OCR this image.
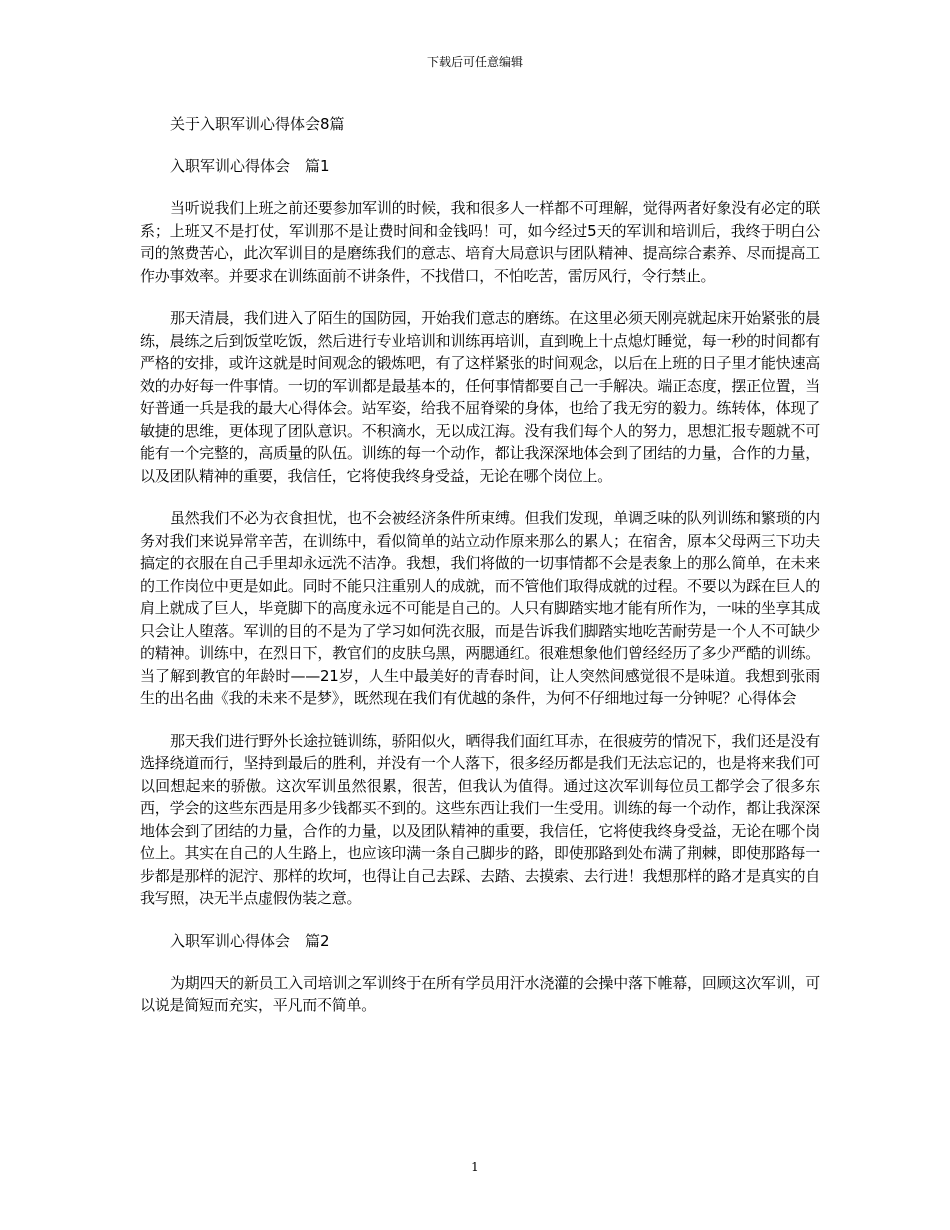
下载后可任意编辑
关于入职军训心得体会8篇
入职军训心得体会　篇1

当听说我们上班之前还要参加军训的时候，我和很多人一样都不可理解，觉得两者好象没有必定的联系；上班又不是打仗，军训那不是让费时间和金钱吗！可，如今经过5天的军训和培训后，我终于明白公司的煞费苦心，此次军训目的是磨练我们的意志、培育大局意识与团队精神、提高综合素养、尽而提高工作办事效率。并要求在训练面前不讲条件，不找借口，不怕吃苦，雷厉风行，令行禁止。

那天清晨，我们进入了陌生的国防园，开始我们意志的磨练。在这里必须天刚亮就起床开始紧张的晨练，晨练之后到饭堂吃饭，然后进行专业培训和训练再培训，直到晚上十点熄灯睡觉，每一秒的时间都有严格的安排，或许这就是时间观念的锻炼吧，有了这样紧张的时间观念，以后在上班的日子里才能快速高效的办好每一件事情。一切的军训都是最基本的，任何事情都要自己一手解决。端正态度，摆正位置，当好普通一兵是我的最大心得体会。站军姿，给我不屈脊梁的身体，也给了我无穷的毅力。练转体，体现了敏捷的思维，更体现了团队意识。不积滴水，无以成江海。没有我们每个人的努力，思想汇报专题就不可能有一个完整的，高质量的队伍。训练的每一个动作，都让我深深地体会到了团结的力量，合作的力量，以及团队精神的重要，我信任，它将使我终身受益，无论在哪个岗位上。

虽然我们不必为衣食担忧，也不会被经济条件所束缚。但我们发现，单调乏味的队列训练和繁琐的内务对我们来说异常辛苦，在训练中，看似简单的站立动作原来那么的累人；在宿舍，原本父母两三下功夫搞定的衣服在自己手里却永远洗不洁净。我想，我们将做的一切事情都不会是表象上的那么简单，在未来的工作岗位中更是如此。同时不能只注重别人的成就，而不管他们取得成就的过程。不要以为踩在巨人的肩上就成了巨人，毕竟脚下的高度永远不可能是自己的。人只有脚踏实地才能有所作为，一味的坐享其成只会让人堕落。军训的目的不是为了学习如何洗衣服，而是告诉我们脚踏实地吃苦耐劳是一个人不可缺少的精神。训练中，在烈日下，教官们的皮肤乌黑，两腮通红。很难想象他们曾经经历了多少严酷的训练。当了解到教官的年龄时——21岁，人生中最美好的青春时间，让人突然间感觉很不是味道。我想到张雨生的出名曲《我的未来不是梦》，既然现在我们有优越的条件，为何不仔细地过每一分钟呢？心得体会

那天我们进行野外长途拉链训练，骄阳似火，晒得我们面红耳赤，在很疲劳的情况下，我们还是没有选择绕道而行，坚持到最后的胜利，并没有一个人落下，很多经历都是我们无法忘记的，也是将来我们可以回想起来的骄傲。这次军训虽然很累，很苦，但我认为值得。通过这次军训每位员工都学会了很多东西，学会的这些东西是用多少钱都买不到的。这些东西让我们一生受用。训练的每一个动作，都让我深深地体会到了团结的力量，合作的力量，以及团队精神的重要，我信任，它将使我终身受益，无论在哪个岗位上。其实在自己的人生路上，也应该印满一条自己脚步的路，即使那路到处布满了荆棘，即使那路每一步都是那样的泥泞、那样的坎坷，也得让自己去踩、去踏、去摸索、去行进！我想那样的路才是真实的自我写照，决无半点虚假伪装之意。

入职军训心得体会　篇2

为期四天的新员工入司培训之军训终于在所有学员用汗水浇灌的会操中落下帷幕，回顾这次军训，可以说是简短而充实，平凡而不简单。

1
